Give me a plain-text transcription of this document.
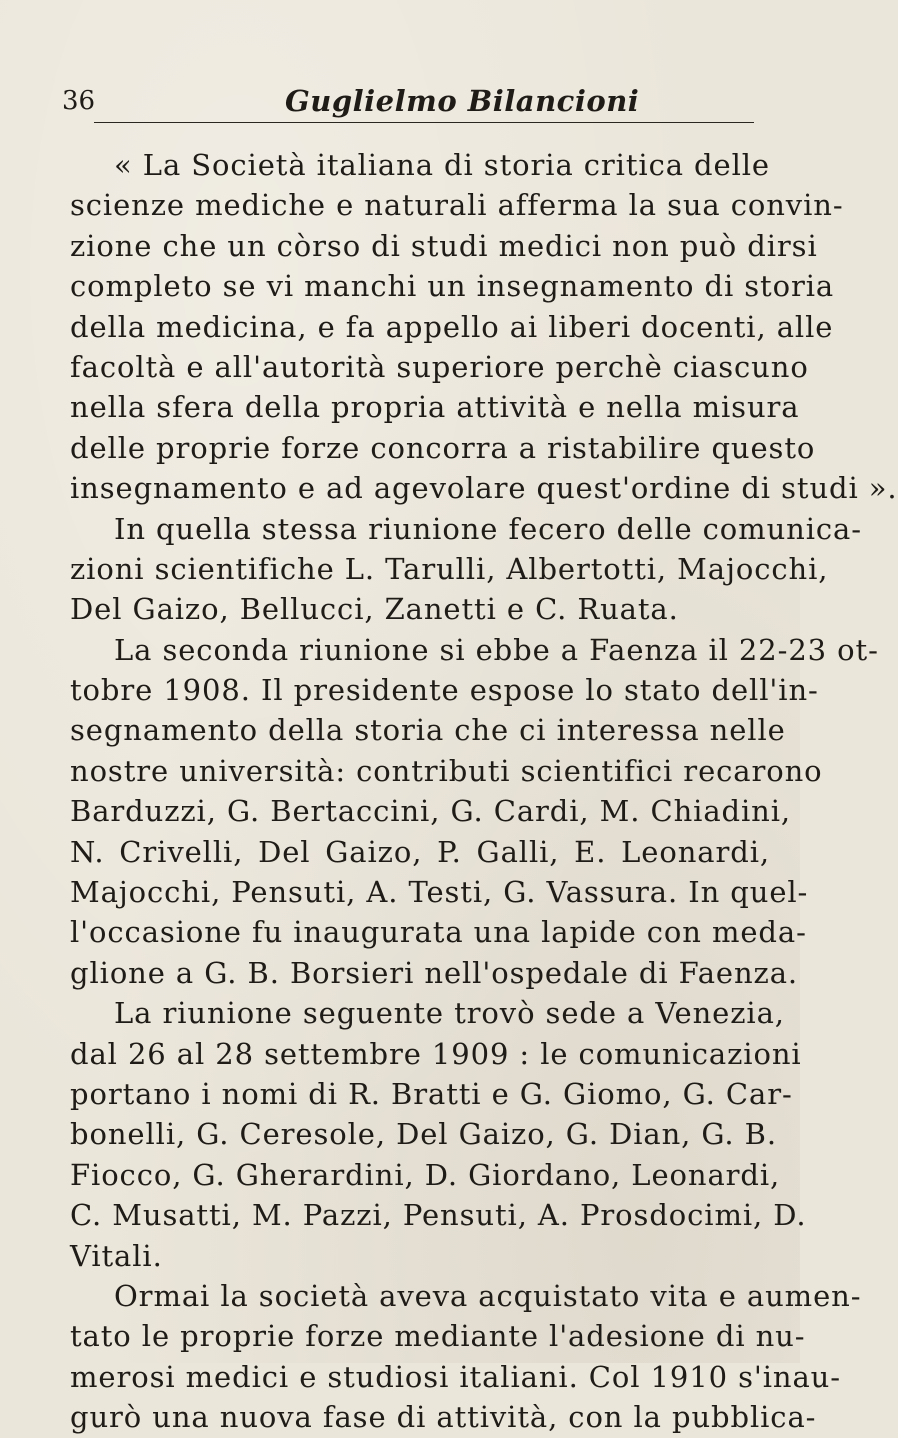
36	Guglielmo Bilancioni
« La Società italiana di storia critica delle
scienze mediche e naturali afferma la sua convin-
zione che un còrso di studi medici non può dirsi
completo se vi manchi un insegnamento di storia
della medicina, e fa appello ai liberi docenti, alle
facoltà e all'autorità superiore perchè ciascuno
nella sfera della propria attività e nella misura
delle proprie forze concorra a ristabilire questo
insegnamento e ad agevolare quest'ordine di studi ».
In quella stessa riunione fecero delle comunica-
zioni scientifiche L. Tarulli, Albertotti, Majocchi,
Del Gaizo, Bellucci, Zanetti e C. Ruata.
La seconda riunione si ebbe a Faenza il 22-23 ot-
tobre 1908. Il presidente espose lo stato dell'in-
segnamento della storia che ci interessa nelle
nostre università: contributi scientifici recarono
Barduzzi, G. Bertaccini, G. Cardi, M. Chiadini,
N. Crivelli, Del Gaizo, P. Galli, E. Leonardi,
Majocchi, Pensuti, A. Testi, G. Vassura. In quel-
l'occasione fu inaugurata una lapide con meda-
glione a G. B. Borsieri nell'ospedale di Faenza.
La riunione seguente trovò sede a Venezia,
dal 26 al 28 settembre 1909 : le comunicazioni
portano i nomi di R. Bratti e G. Giomo, G. Car-
bonelli, G. Ceresole, Del Gaizo, G. Dian, G. B.
Fiocco, G. Gherardini, D. Giordano, Leonardi,
C. Musatti, M. Pazzi, Pensuti, A. Prosdocimi, D.
Vitali.
Ormai la società aveva acquistato vita e aumen-
tato le proprie forze mediante l'adesione di nu-
merosi medici e studiosi italiani. Col 1910 s'inau-
gurò una nuova fase di attività, con la pubblica-
